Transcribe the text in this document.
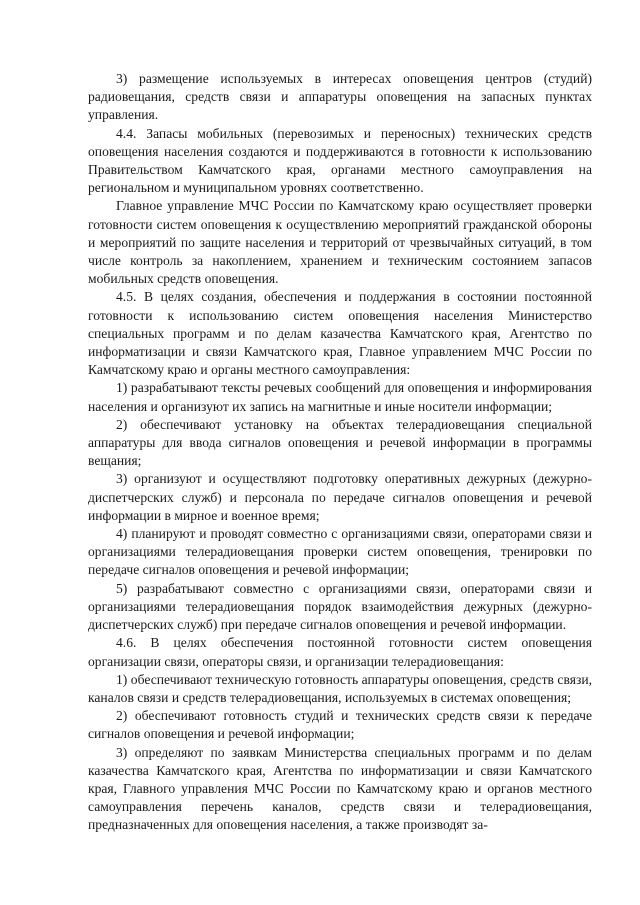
3) размещение используемых в интересах оповещения центров (студий) радиовещания, средств связи и аппаратуры оповещения на запасных пунктах управления.

4.4. Запасы мобильных (перевозимых и переносных) технических средств оповещения населения создаются и поддерживаются в готовности к использованию Правительством Камчатского края, органами местного самоуправления на региональном и муниципальном уровнях соответственно.

Главное управление МЧС России по Камчатскому краю осуществляет проверки готовности систем оповещения к осуществлению мероприятий гражданской обороны и мероприятий по защите населения и территорий от чрезвычайных ситуаций, в том числе контроль за накоплением, хранением и техническим состоянием запасов мобильных средств оповещения.

4.5. В целях создания, обеспечения и поддержания в состоянии постоянной готовности к использованию систем оповещения населения Министерство специальных программ и по делам казачества Камчатского края, Агентство по информатизации и связи Камчатского края, Главное управлением МЧС России по Камчатскому краю и органы местного самоуправления:

1) разрабатывают тексты речевых сообщений для оповещения и информирования населения и организуют их запись на магнитные и иные носители информации;

2) обеспечивают установку на объектах телерадиовещания специальной аппаратуры для ввода сигналов оповещения и речевой информации в программы вещания;

3) организуют и осуществляют подготовку оперативных дежурных (дежурно-диспетчерских служб) и персонала по передаче сигналов оповещения и речевой информации в мирное и военное время;

4) планируют и проводят совместно с организациями связи, операторами связи и организациями телерадиовещания проверки систем оповещения, тренировки по передаче сигналов оповещения и речевой информации;

5) разрабатывают совместно с организациями связи, операторами связи и организациями телерадиовещания порядок взаимодействия дежурных (дежурно-диспетчерских служб) при передаче сигналов оповещения и речевой информации.

4.6. В целях обеспечения постоянной готовности систем оповещения организации связи, операторы связи, и организации телерадиовещания:

1) обеспечивают техническую готовность аппаратуры оповещения, средств связи, каналов связи и средств телерадиовещания, используемых в системах оповещения;

2) обеспечивают готовность студий и технических средств связи к передаче сигналов оповещения и речевой информации;

3) определяют по заявкам Министерства специальных программ и по делам казачества Камчатского края, Агентства по информатизации и связи Камчатского края, Главного управления МЧС России по Камчатскому краю и органов местного самоуправления перечень каналов, средств связи и телерадиовещания, предназначенных для оповещения населения, а также производят за-
